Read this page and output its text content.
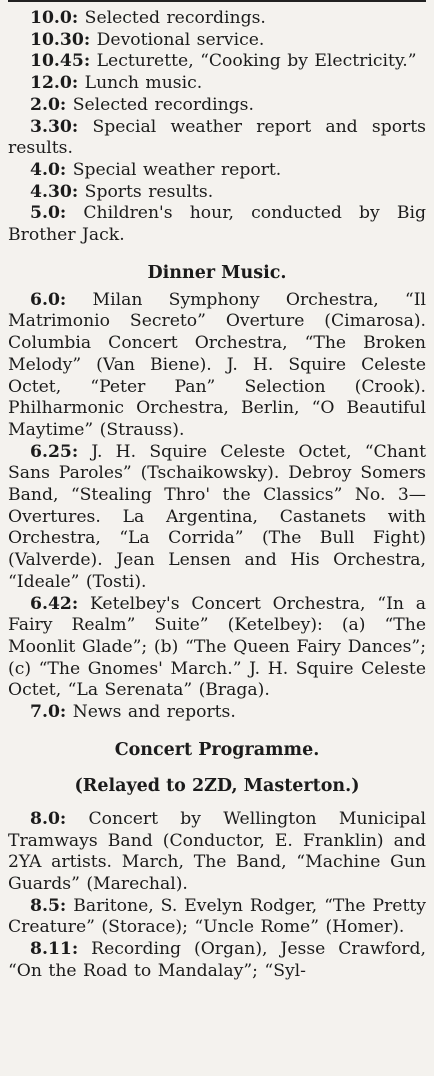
10.0: Selected recordings.

10.30: Devotional service.

10.45: Lecturette, “Cooking by Electricity.”

12.0: Lunch music.

2.0: Selected recordings.

3.30: Special weather report and sports results.

4.0: Special weather report.

4.30: Sports results.

5.0: Children's hour, conducted by Big Brother Jack.

Dinner Music.

6.0: Milan Symphony Orchestra, “Il Matrimonio Secreto” Overture (Cimarosa). Columbia Concert Orchestra, “The Broken Melody” (Van Biene). J. H. Squire Celeste Octet, “Peter Pan” Selection (Crook). Philharmonic Orchestra, Berlin, “O Beautiful Maytime” (Strauss).

6.25: J. H. Squire Celeste Octet, “Chant Sans Paroles” (Tschaikowsky). Debroy Somers Band, “Stealing Thro' the Classics” No. 3—Overtures. La Argentina, Castanets with Orchestra, “La Corrida” (The Bull Fight) (Valverde). Jean Lensen and His Orchestra, “Ideale” (Tosti).

6.42: Ketelbey's Concert Orchestra, “In a Fairy Realm” Suite” (Ketelbey): (a) “The Moonlit Glade”; (b) “The Queen Fairy Dances”; (c) “The Gnomes' March.” J. H. Squire Celeste Octet, “La Serenata” (Braga).

7.0: News and reports.

Concert Programme.
(Relayed to 2ZD, Masterton.)

8.0: Concert by Wellington Municipal Tramways Band (Conductor, E. Franklin) and 2YA artists. March, The Band, “Machine Gun Guards” (Marechal).

8.5: Baritone, S. Evelyn Rodger, “The Pretty Creature” (Storace); “Uncle Rome” (Homer).

8.11: Recording (Organ), Jesse Crawford, “On the Road to Mandalay”; “Syl-
